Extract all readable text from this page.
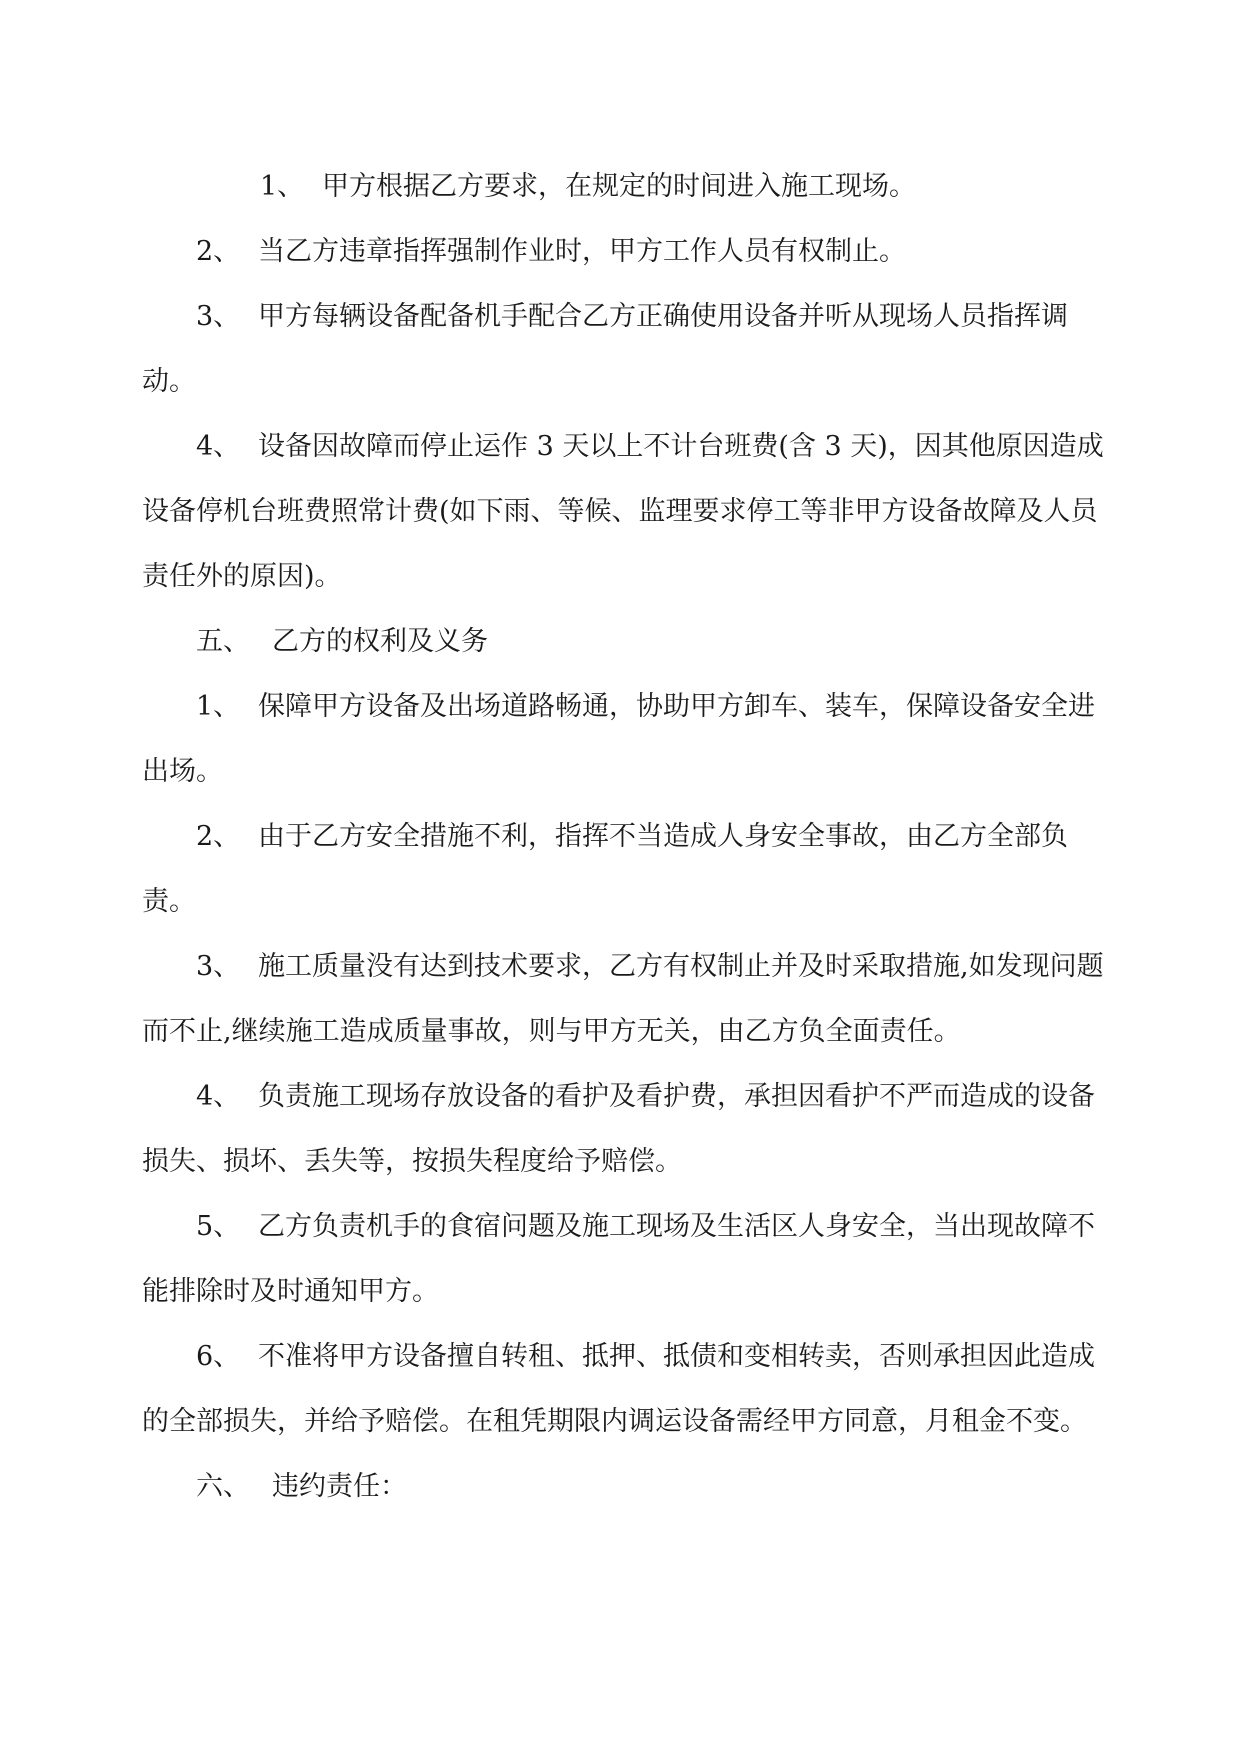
1、 甲方根据乙方要求，在规定的时间进入施工现场。

2、 当乙方违章指挥强制作业时，甲方工作人员有权制止。

3、 甲方每辆设备配备机手配合乙方正确使用设备并听从现场人员指挥调动。

4、 设备因故障而停止运作 3 天以上不计台班费(含 3 天)，因其他原因造成设备停机台班费照常计费(如下雨、等候、监理要求停工等非甲方设备故障及人员责任外的原因)。

五、 乙方的权利及义务

1、 保障甲方设备及出场道路畅通，协助甲方卸车、装车，保障设备安全进出场。

2、 由于乙方安全措施不利，指挥不当造成人身安全事故，由乙方全部负责。

3、 施工质量没有达到技术要求，乙方有权制止并及时采取措施,如发现问题而不止,继续施工造成质量事故，则与甲方无关，由乙方负全面责任。

4、 负责施工现场存放设备的看护及看护费，承担因看护不严而造成的设备损失、损坏、丢失等，按损失程度给予赔偿。

5、 乙方负责机手的食宿问题及施工现场及生活区人身安全，当出现故障不能排除时及时通知甲方。

6、 不准将甲方设备擅自转租、抵押、抵债和变相转卖，否则承担因此造成的全部损失，并给予赔偿。在租凭期限内调运设备需经甲方同意，月租金不变。

六、 违约责任：
